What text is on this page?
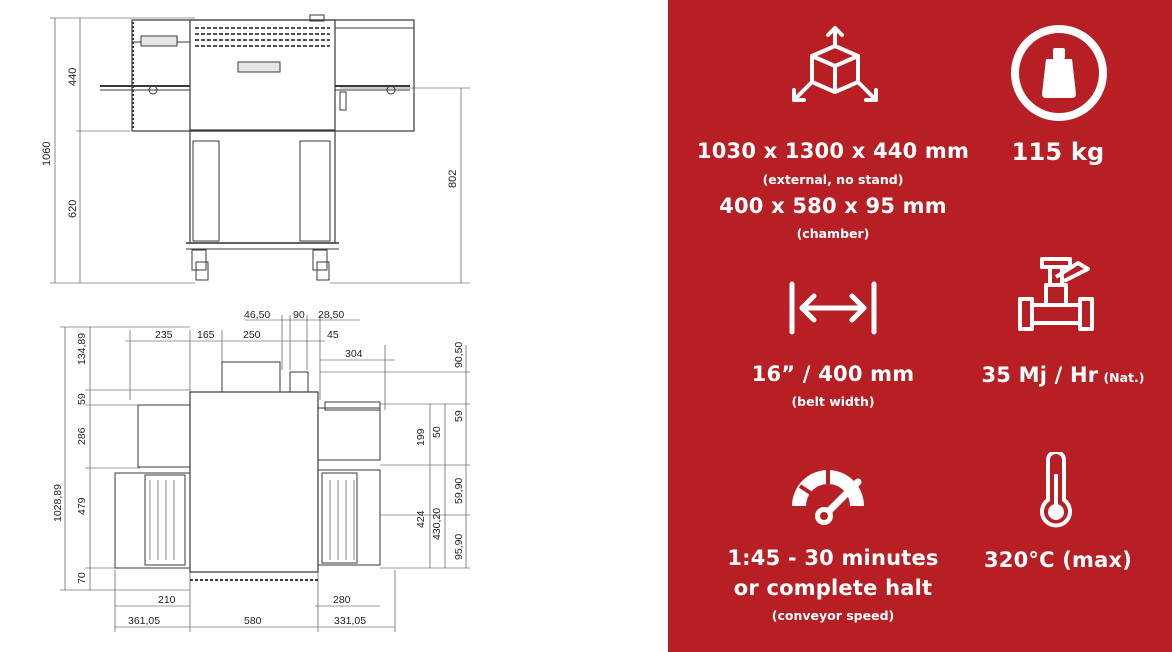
1060
440
620
802
46,50 90 28,50
235 165	250	45
304
134,89	90,50
59
286
1028,89 479
70
199 50
59
424 430,20
59,90
95,90
210	280
361,05	580	331,05
1030 x 1300 x 440 mm
(external, no stand)
400 x 580 x 95 mm
(chamber)
115 kg
16” / 400 mm
(belt width)
35 Mj / Hr (Nat.)
1:45 - 30 minutes
or complete halt
(conveyor speed)
320°C (max)
